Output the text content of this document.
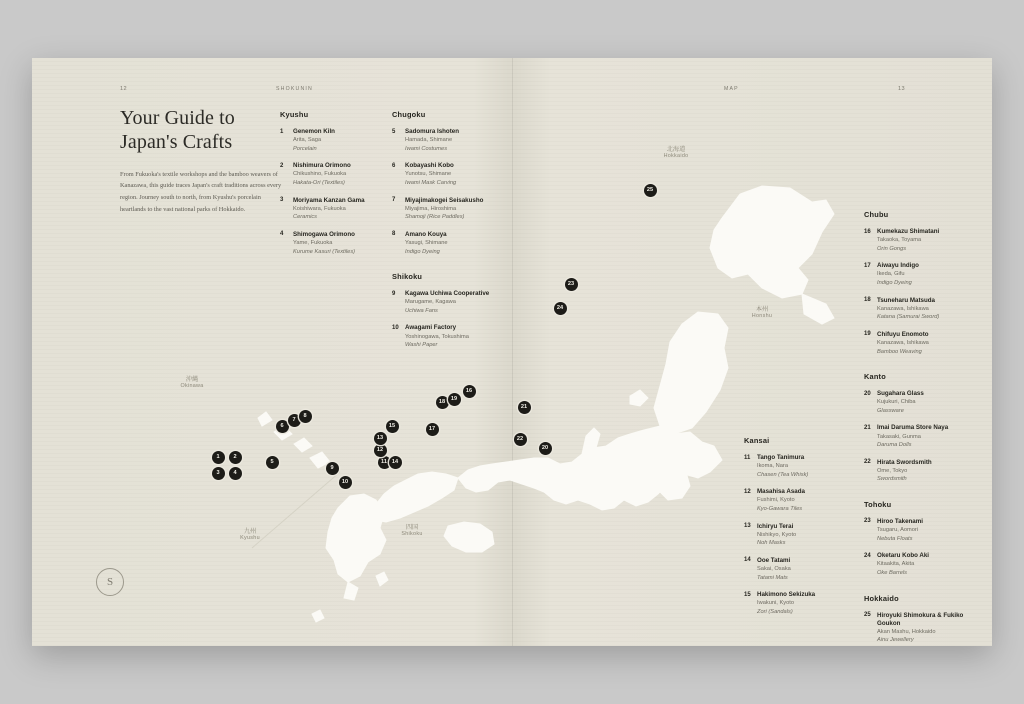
12	SHOKUNIN	MAP	13
1	2
3	4
5
6
7
8
9
10
11
12
13
14
15
16
17
18	19
20
21
22
23
24
25
北海道
Hokkaido
本州
Honshu
沖縄
Okinawa
九州
Kyushu
四国
Shikoku
Your Guide to Japan's Crafts
From Fukuoka's textile workshops and the bamboo weavers of Kanazawa, this guide traces Japan's craft traditions across every region. Journey south to north, from Kyushu's porcelain heartlands to the vast national parks of Hokkaido.
Kyushu
1	Genemon Kiln
Arita, Saga
Porcelain
2	Nishimura Orimono
Chikushino, Fukuoka
Hakata-Ori (Textiles)
3	Moriyama Kanzan Gama
Koishiwara, Fukuoka
Ceramics
4	Shimogawa Orimono
Yame, Fukuoka
Kurume Kasuri (Textiles)
Chugoku
5	Sadomura Ishoten
Hamada, Shimane
Iwami Costumes
6	Kobayashi Kobo
Yunotsu, Shimane
Iwami Mask Carving
7	Miyajimakogei Seisakusho
Miyajima, Hiroshima
Shamoji (Rice Paddles)
8	Amano Kouya
Yasugi, Shimane
Indigo Dyeing
Shikoku
9	Kagawa Uchiwa Cooperative
Marugame, Kagawa
Uchiwa Fans
10	Awagami Factory
Yoshinogawa, Tokushima
Washi Paper
Chubu
16	Kumekazu Shimatani
Takaoka, Toyama
Orin Gongs
17	Aiwayu Indigo
Ikeda, Gifu
Indigo Dyeing
18	Tsuneharu Matsuda
Kanazawa, Ishikawa
Katana (Samurai Sword)
19	Chifuyu Enomoto
Kanazawa, Ishikawa
Bamboo Weaving
Kanto
20	Sugahara Glass
Kujukuri, Chiba
Glassware
21	Imai Daruma Store Naya
Takasaki, Gunma
Daruma Dolls
22	Hirata Swordsmith
Ome, Tokyo
Swordsmith
Tohoku
23	Hiroo Takenami
Tsugaru, Aomori
Nebuta Floats
24	Oketaru Kobo Aki
Kitaakita, Akita
Oke Barrels
Hokkaido
25	Hiroyuki Shimokura & Fukiko Goukon
Akan Mashu, Hokkaido
Ainu Jewellery
Kansai
11	Tango Tanimura
Ikoma, Nara
Chasen (Tea Whisk)
12	Masahisa Asada
Fushimi, Kyoto
Kyo-Gawara Tiles
13	Ichiryu Terai
Nishikyo, Kyoto
Noh Masks
14	Ooe Tatami
Sakai, Osaka
Tatami Mats
15	Hakimono Sekizuka
Iwakuni, Kyoto
Zori (Sandals)
S
